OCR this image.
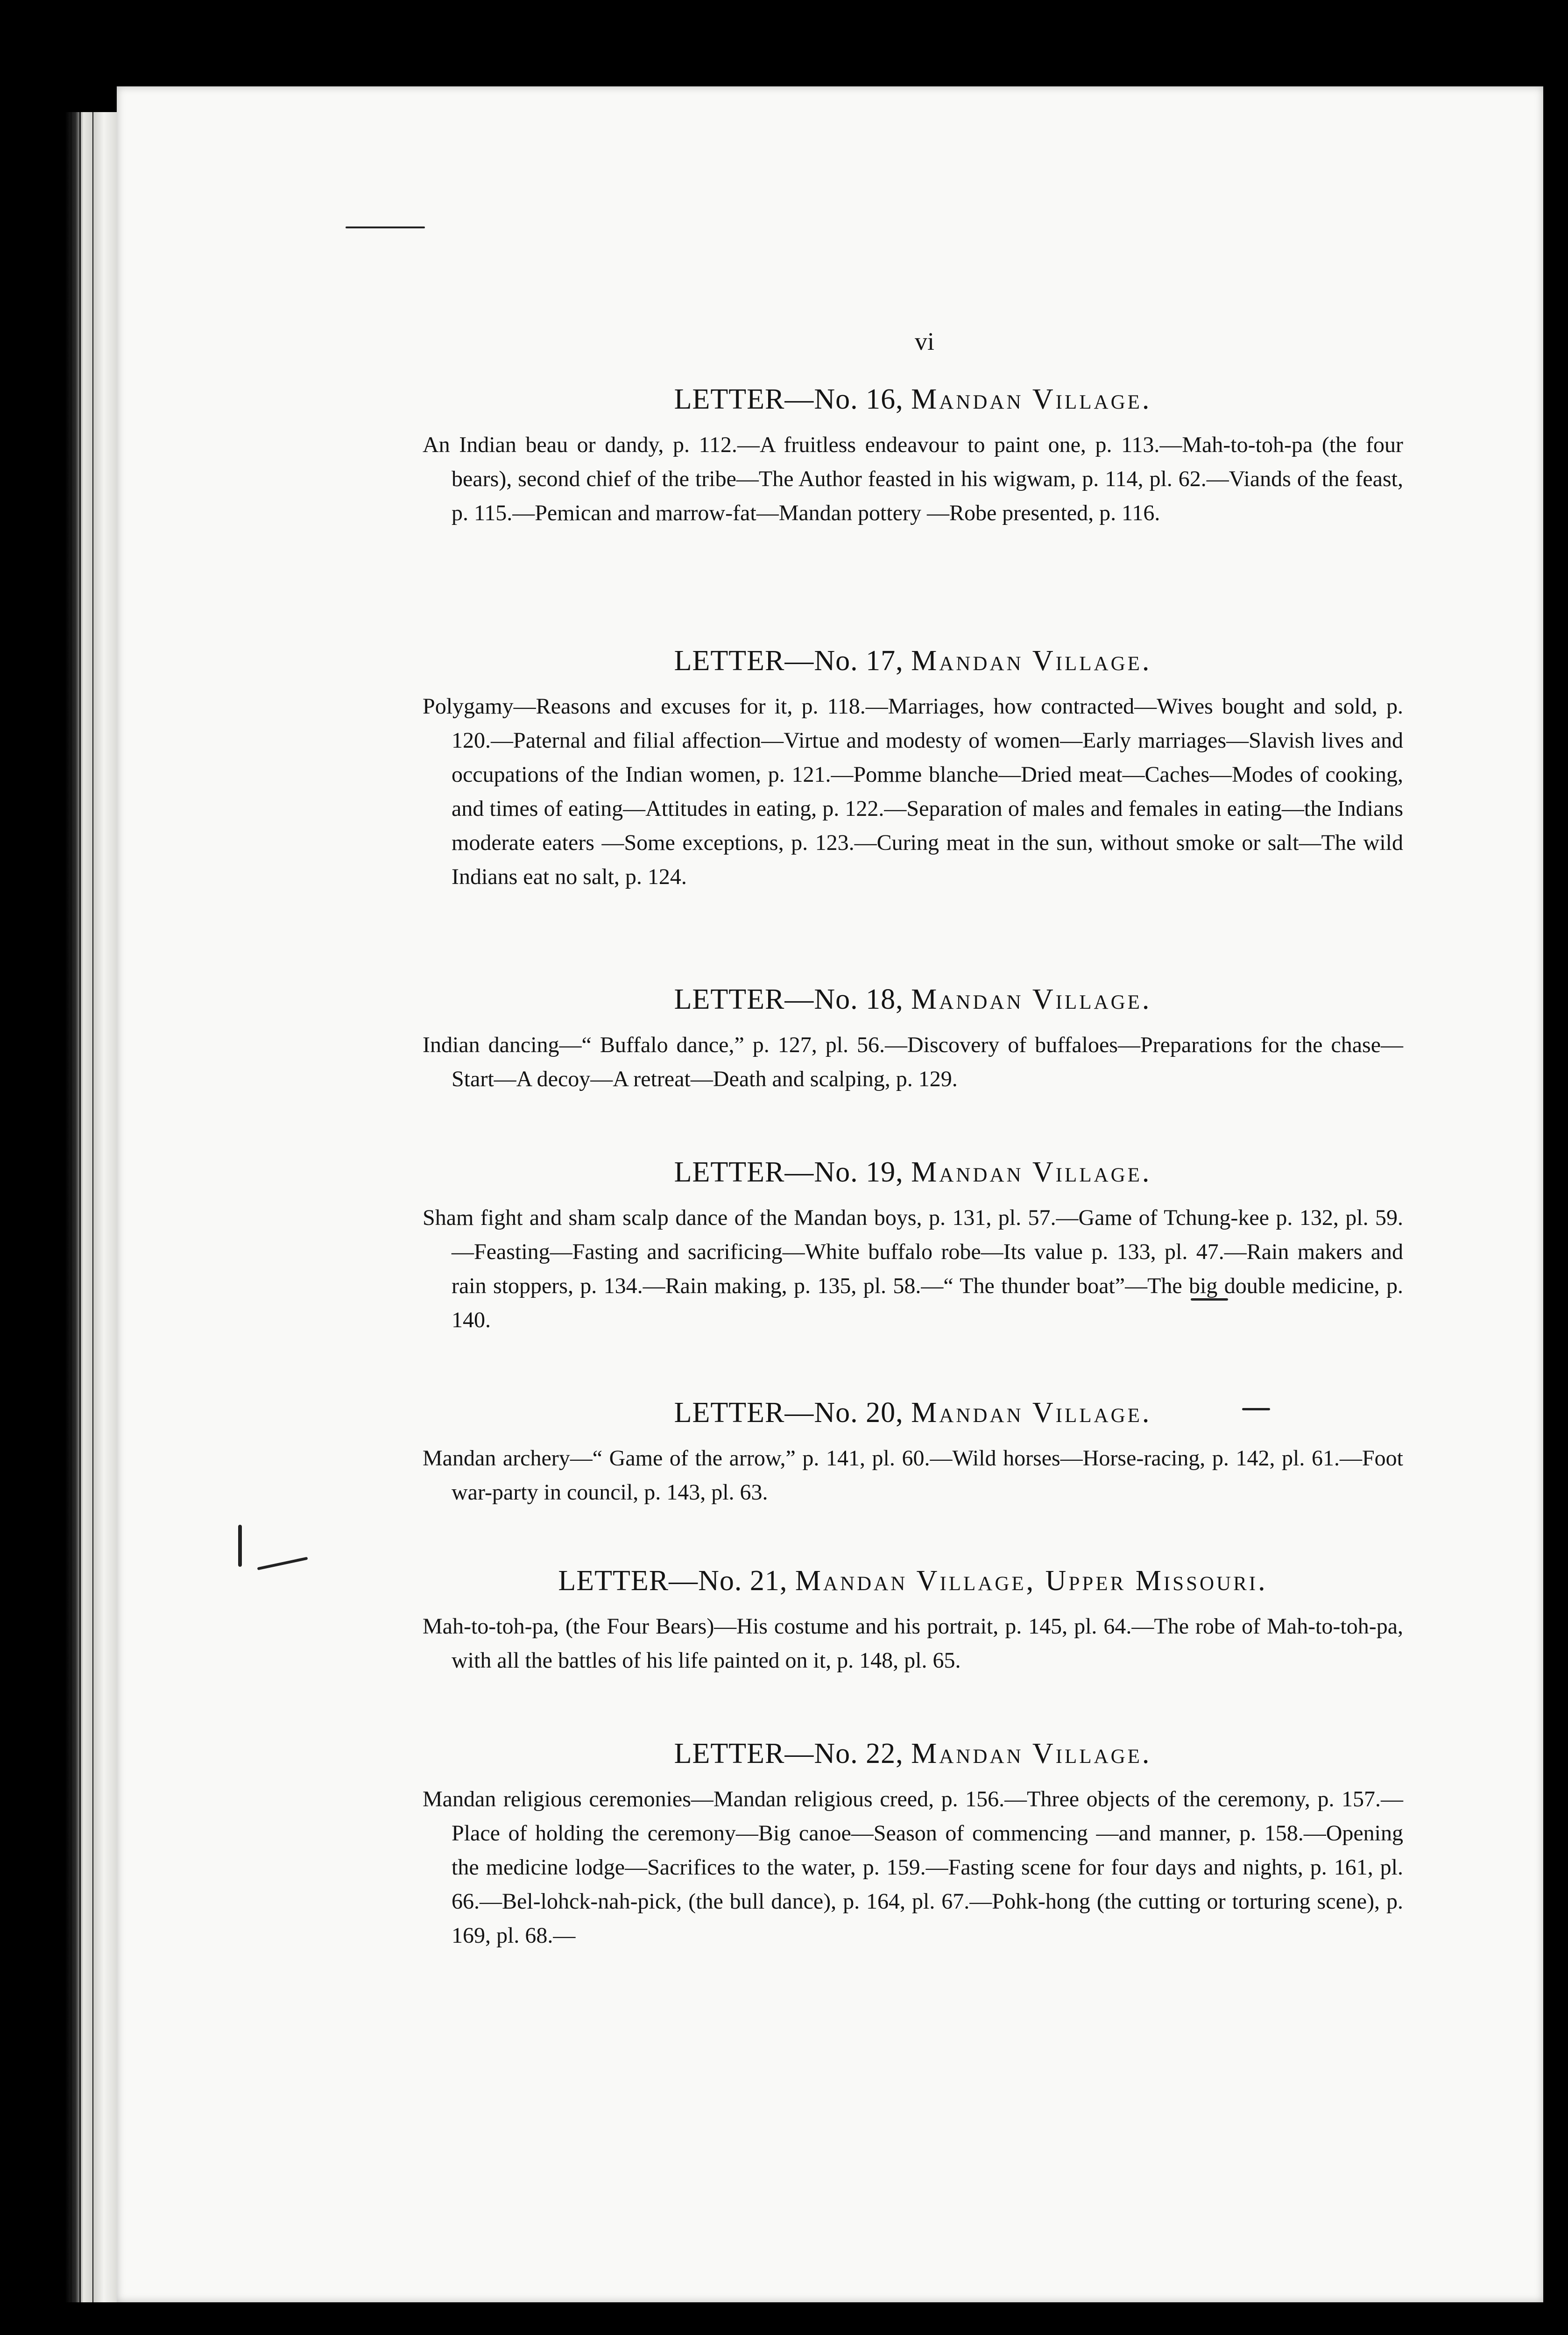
vi

LETTER—No. 16, Mandan Village.

An Indian beau or dandy, p. 112.—A fruitless endeavour to paint one, p. 113.—Mah-to-toh-pa (the four bears), second chief of the tribe—The Author feasted in his wigwam, p. 114, pl. 62.—Viands of the feast, p. 115.—Pemican and marrow-fat—Mandan pottery —Robe presented, p. 116.

LETTER—No. 17, Mandan Village.

Polygamy—Reasons and excuses for it, p. 118.—Marriages, how contracted—Wives bought and sold, p. 120.—Paternal and filial affection—Virtue and modesty of women—Early marriages—Slavish lives and occupations of the Indian women, p. 121.—Pomme blanche—Dried meat—Caches—Modes of cooking, and times of eating—Attitudes in eating, p. 122.—Separation of males and females in eating—the Indians moderate eaters —Some exceptions, p. 123.—Curing meat in the sun, without smoke or salt—The wild Indians eat no salt, p. 124.

LETTER—No. 18, Mandan Village.

Indian dancing—“ Buffalo dance,” p. 127, pl. 56.—Discovery of buffaloes—Preparations for the chase—Start—A decoy—A retreat—Death and scalping, p. 129.

LETTER—No. 19, Mandan Village.

Sham fight and sham scalp dance of the Mandan boys, p. 131, pl. 57.—Game of Tchung-kee p. 132, pl. 59.—Feasting—Fasting and sacrificing—White buffalo robe—Its value p. 133, pl. 47.—Rain makers and rain stoppers, p. 134.—Rain making, p. 135, pl. 58.—“ The thunder boat”—The big double medicine, p. 140.

LETTER—No. 20, Mandan Village.

Mandan archery—“ Game of the arrow,” p. 141, pl. 60.—Wild horses—Horse-racing, p. 142, pl. 61.—Foot war-party in council, p. 143, pl. 63.

LETTER—No. 21, Mandan Village, Upper Missouri.

Mah-to-toh-pa, (the Four Bears)—His costume and his portrait, p. 145, pl. 64.—The robe of Mah-to-toh-pa, with all the battles of his life painted on it, p. 148, pl. 65.

LETTER—No. 22, Mandan Village.

Mandan religious ceremonies—Mandan religious creed, p. 156.—Three objects of the ceremony, p. 157.—Place of holding the ceremony—Big canoe—Season of commencing —and manner, p. 158.—Opening the medicine lodge—Sacrifices to the water, p. 159.—Fasting scene for four days and nights, p. 161, pl. 66.—Bel-lohck-nah-pick, (the bull dance), p. 164, pl. 67.—Pohk-hong (the cutting or torturing scene), p. 169, pl. 68.—
